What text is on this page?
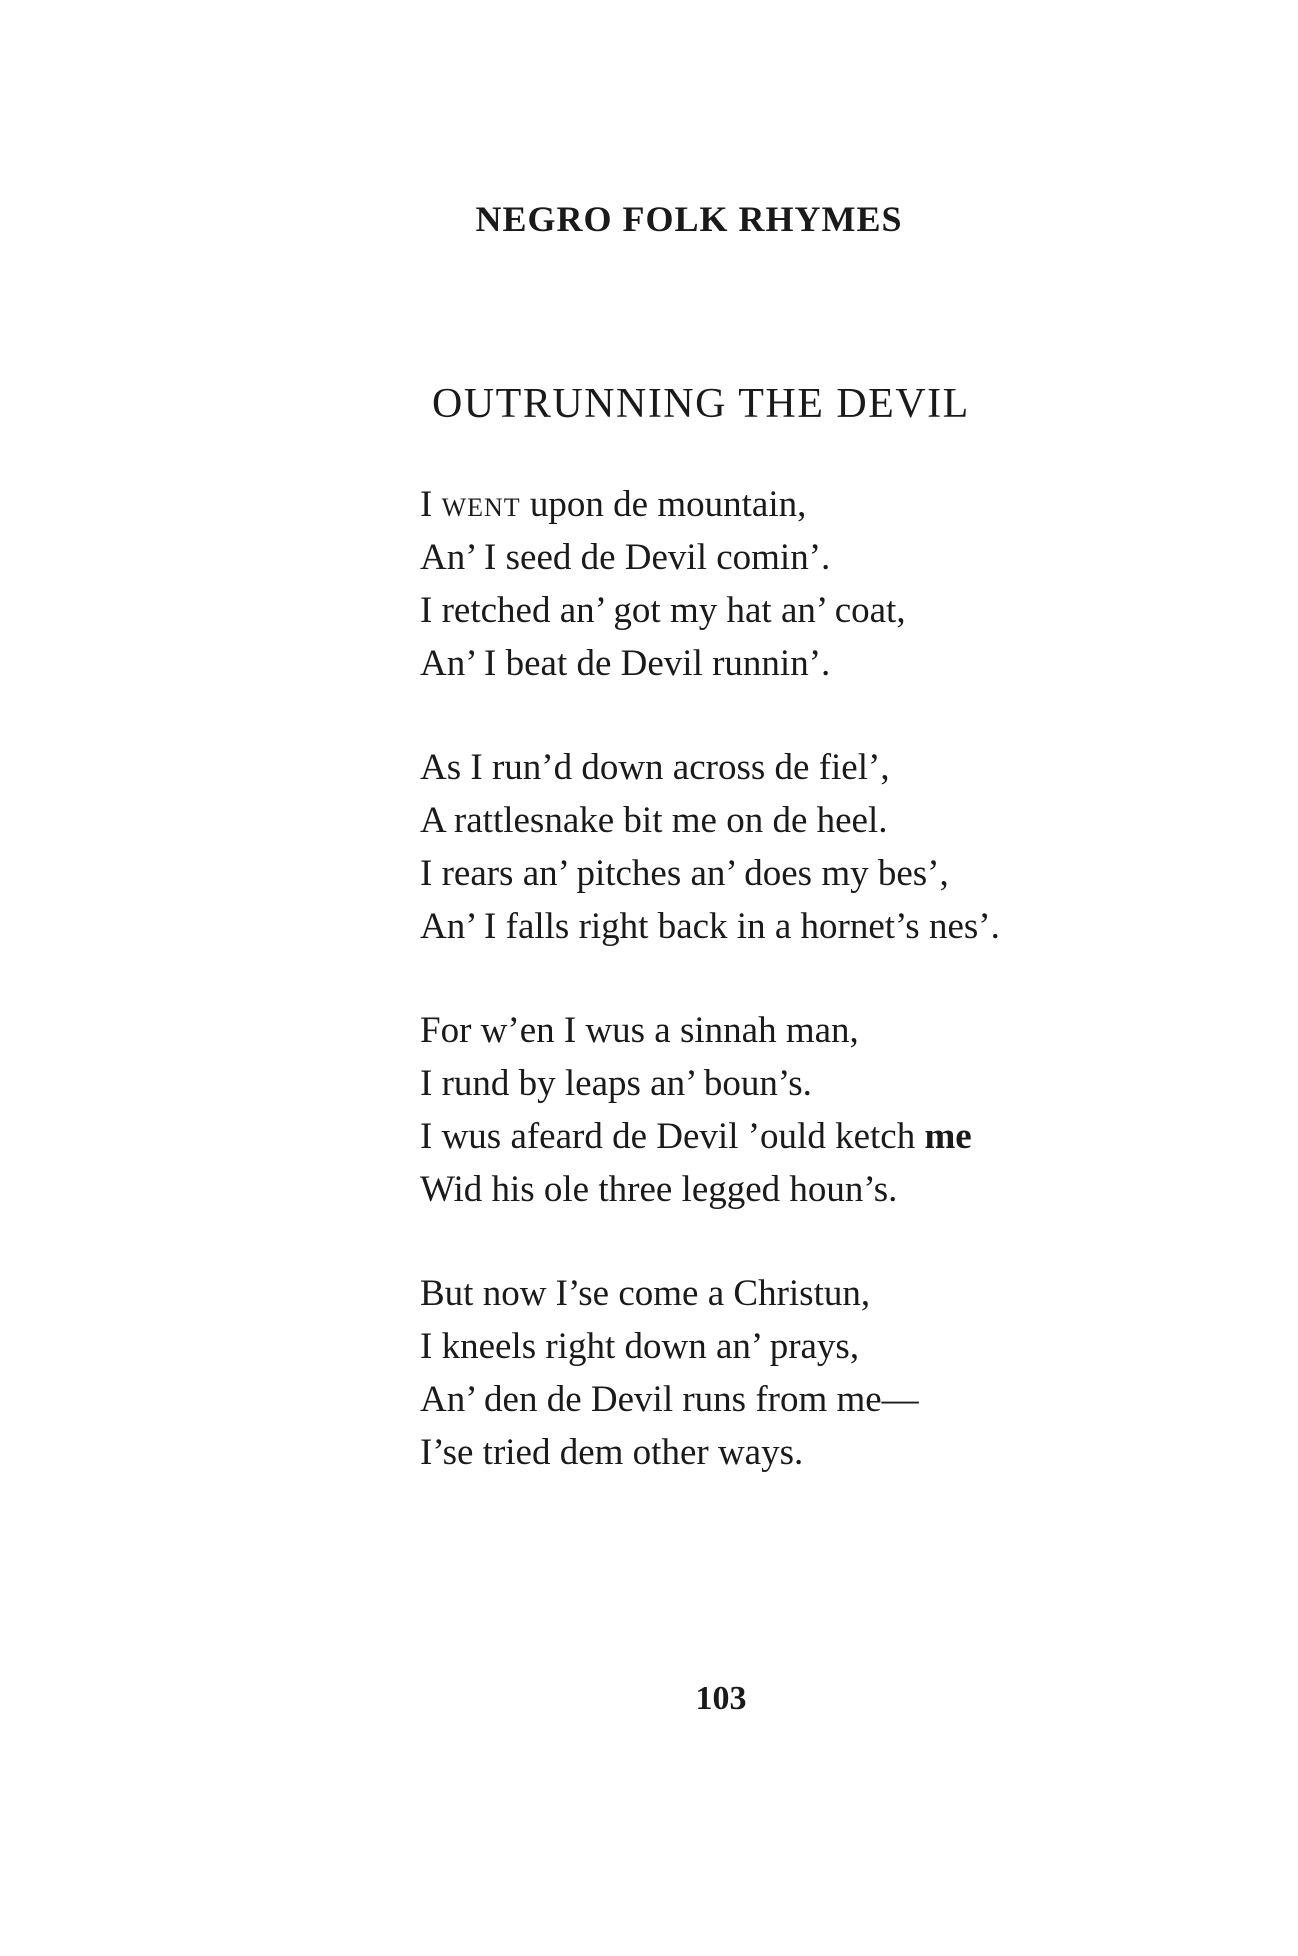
NEGRO FOLK RHYMES
OUTRUNNING THE DEVIL
I went upon de mountain,
An’ I seed de Devil comin’.
I retched an’ got my hat an’ coat,
An’ I beat de Devil runnin’.
As I run’d down across de fiel’,
A rattlesnake bit me on de heel.
I rears an’ pitches an’ does my bes’,
An’ I falls right back in a hornet’s nes’.
For w’en I wus a sinnah man,
I rund by leaps an’ boun’s.
I wus afeard de Devil ’ould ketch me
Wid his ole three legged houn’s.
But now I’se come a Christun,
I kneels right down an’ prays,
An’ den de Devil runs from me—
I’se tried dem other ways.
103
